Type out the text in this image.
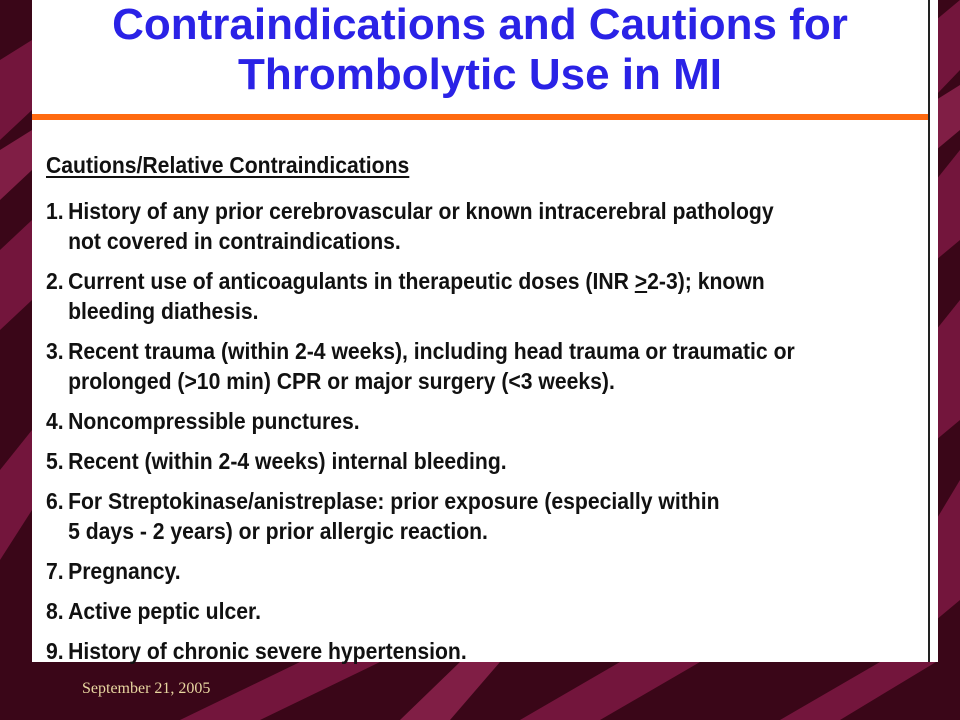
Contraindications and Cautions for
Thrombolytic Use in MI
Cautions/Relative Contraindications
1. History of any prior cerebrovascular or known intracerebral pathology
not covered in contraindications.
2. Current use of anticoagulants in therapeutic doses (INR ≥2-3); known
bleeding diathesis.
3. Recent trauma (within 2-4 weeks), including head trauma or traumatic or
prolonged (>10 min) CPR or major surgery (<3 weeks).
4. Noncompressible punctures.
5. Recent (within 2-4 weeks) internal bleeding.
6. For Streptokinase/anistreplase: prior exposure (especially within
5 days - 2 years) or prior allergic reaction.
7. Pregnancy.
8. Active peptic ulcer.
9. History of chronic severe hypertension.
September 21, 2005
